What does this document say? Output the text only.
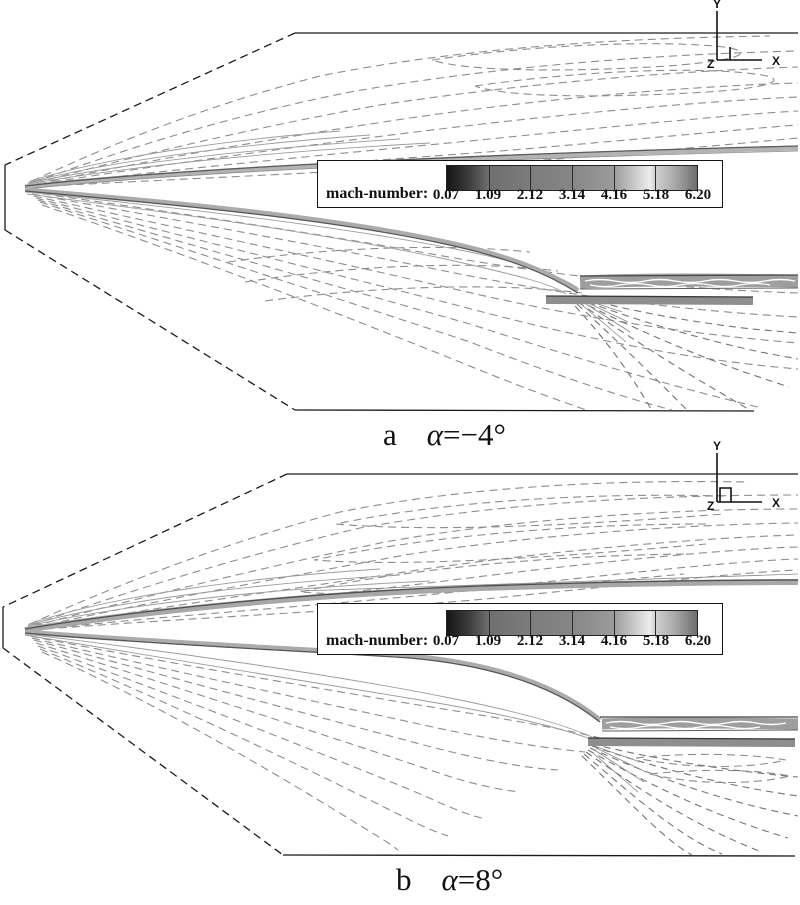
Y
X
Z
mach-number: 0.07	1.09	2.12	3.14	4.16	5.18	6.20
a α=−4°	Y
X
Z
mach-number: 0.07	1.09	2.12	3.14	4.16	5.18	6.20
b α=8°
